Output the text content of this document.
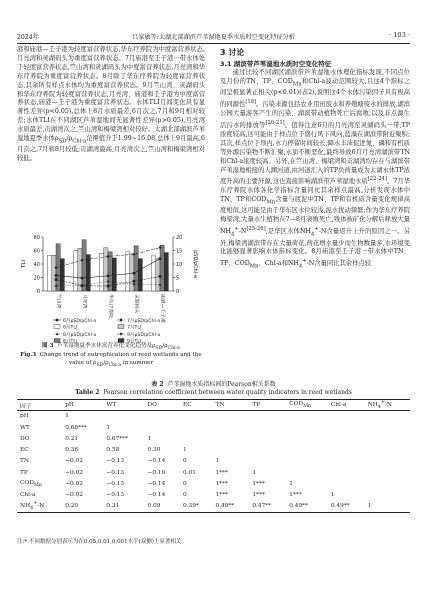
2024年	吕家敏等:太湖北部湖滨芦苇湿地夏季水质时空变化特征分析	· 103 ·

港和庙港—壬子港为轻度富营养状态,华东疗养院为中度富营养状态,月亮湾和灵湖码头为重度富营养状态。7月庙港至壬子港一带水体处于轻度富营养状态,竺山湾和灵湖码头为中度富营养状态,月亮湾和华东疗养院为重度富营养状态。8月除了华东疗养院为轻度富营养状态,其余所有样点水体均为重度富营养状态。9月竺山湾、灵湖码头和华东疗养院为轻度富营养状态,月亮湾、庙港和壬子港为中度富营养状态,庙港—壬子港为重度富营养状态。水体TLI月间变化具有显著性差异(p<0.05),总体上8月水质最差,6月次之,7月和9月相对较差;水体TLI在不同湖区芦苇湿地间无显著性差异(p>0.05),月亮湾水质最差,贡湖湾次之,竺山湾和梅梁湾相对较好。太湖北部湖滨芦苇湿地夏季水体$\rho_{SD}/\rho_{Chl-a}$范围值介于1.99~16.08,总体上9月最高,6月次之,7月和8月较低;贡湖湾最高,月亮湾次之,竺山湾和梅梁湾相对较低。

0
20
40
60
80
0
5
10
15
20
TLI	ρSD/ρChl-a
竺山湾	月亮湾	华东疗养院	灵湖码头	庙港—壬子港
6月ρSD/ρChl-a
6月TLI
7月ρSD/ρChl-a
7月TLI
8月ρSD/ρChl-a
8月TLI
9月ρSD/ρChl-a
9月TLI
图 3 芦苇湿地夏季水体富营养化变化趋势及$\rho_{SD}/\rho_{Chl-a}$
Fig.3 Change trend of eutrophication of reed wetlands and the value of $\rho_{SD}/\rho_{Chl-a}$ in summer
3 讨论
3.1 湖滨带芦苇湿地水质时空变化特征

通过比较不同湖区湖滨带芦苇湿地水体理化指标发现,不同点位及月份的TN、TP、$COD_{Mn}$和Chl-a波动范围较大,且这4个指标之间呈极显著正相关(p<0.01)(表2),说明这4个水体污染因子具有极高的同源性[18]。污染来源包括农业用田废水和养殖塘废水的排放,湖滨公园大量游客产生的污染、湖滨带动植物死亡后腐败,以及非点源生活污水的排放等[20-21]。值得注意6月的月亮湾至灵湖码头一带,TP浓度较高,这可能由于样点位于盛行风下风向,蓝藻在湖滨带附近聚积;其次,样点位于坝内,水力停留时间较长,降水丰沛促进氮、磷和有机质等外源污染物不断汇聚,水质不断恶化,最终导致6月月亮湾湖滨带TN和Chl-a浓度较高。另外,在竺山湾、梅梁湾和贡湖湾均存在与湖滨带芦苇湿地相接的人渊河道,由河道汇入的TP负荷量成为太湖水体TP浓度升高的主要外源,这也直接影响湖滨带芦苇湿地水质[22-24]。7月华东疗养院水体各化学指标含量同比其余样点最高,分析发现水体中TN、TP和$COD_{Mn}$含量与底泥中TN、TP和有机质含量变化规律高度相似,这可能是由于华东区水位较浅,泥水扰动频繁;作为华东疗养院梅梁湾,大量水生植物在7—8月衰败死亡,残体被矿化分解后释放大量$NH_4^+-N[25-26]$,是华区水体$NH_4^+-N$含量返升上升的原因之一。另外,梅梁湾湖滨带存在大量荷花,荷花增水量少而生物数量多,水环境变化能够显著影响水体指标变化。8月庙港至壬子港一带水体中TN、TP、$COD_{Mn}$、Chl-a和$NH_4^+-N$含量同比其余样点较

表 2 芦苇湿地水质指标间的Pearson相关系数
Table 2 Pearson correlation coefficient between water quality indicators in reed wetlands
因子	pH	WT	DO	EC	TN	TP	$COD_{Mn}$	Chl-a	$NH_4^+-N$
pH	1								
WT	0.68***	1							
DO	0.21	0.67***	1						
EC	0.36	0.58	0.30	1					
TN	−0.02	−0.13	−0.14	0	1				
TP	−0.02	−0.13	−0.10	0.01	1***	1			
$COD_{Mn}$	−0.02	−0.13	−0.14	0	1***	1***	1		
Chl-a	−0.02	−0.13	−0.14	0	1***	1***	1***	1	
$NH_4^+-N$	0.20	0.31	0.09	0.39*	0.49**	0.47**	0.49**	0.49**	1
注:* 不同数据分别表示为在0.05,0.01,0.001水平(双侧)上显著相关。
